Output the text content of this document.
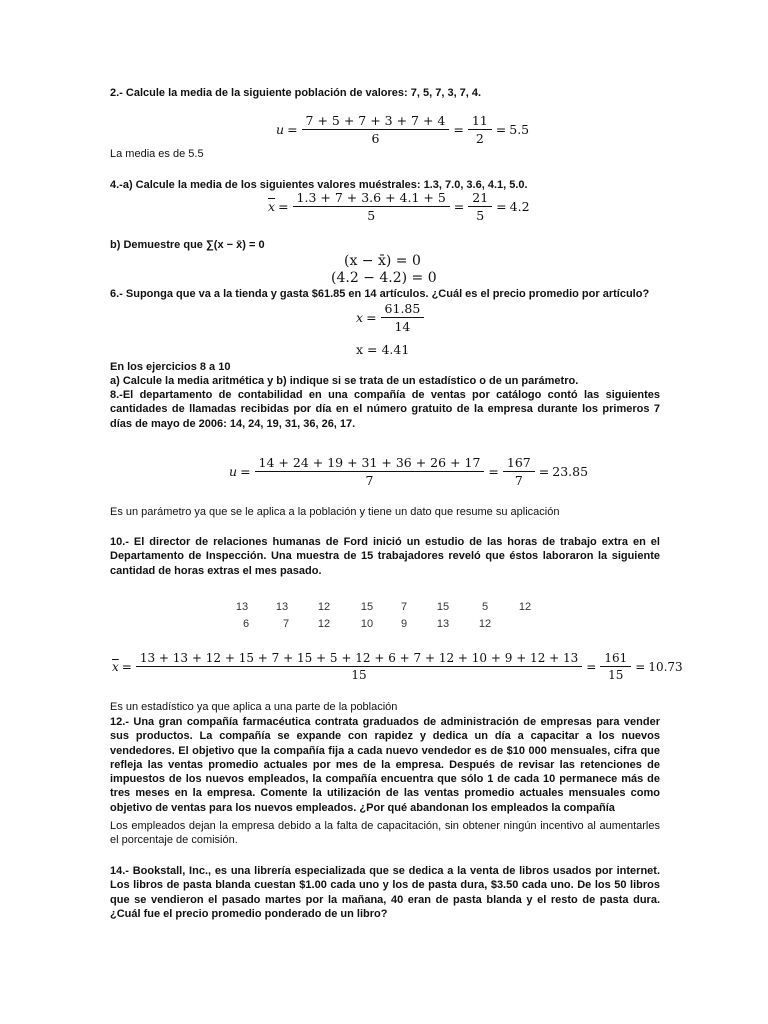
2.- Calcule la media de la siguiente población de valores: 7, 5, 7, 3, 7, 4.

$u = \frac{7 + 5 + 7 + 3 + 7 + 4}{6} = \frac{11}{2} = 5.5$

La media es de 5.5

4.-a) Calcule la media de los siguientes valores muéstrales: 1.3, 7.0, 3.6, 4.1, 5.0.

$\overline{x} = \frac{1.3 + 7 + 3.6 + 4.1 + 5}{5} = \frac{21}{5} = 4.2$

b) Demuestre que ∑(x − x̄) = 0

(x − x̄) = 0
(4.2 − 4.2) = 0

6.- Suponga que va a la tienda y gasta $61.85 en 14 artículos. ¿Cuál es el precio promedio por artículo?

$x = \frac{61.85}{14}$
x = 4.41

En los ejercicios 8 a 10

a) Calcule la media aritmética y b) indique si se trata de un estadístico o de un parámetro.

8.-El departamento de contabilidad en una compañía de ventas por catálogo contó las siguientes cantidades de llamadas recibidas por día en el número gratuito de la empresa durante los primeros 7 días de mayo de 2006: 14, 24, 19, 31, 36, 26, 17.

$u = \frac{14 + 24 + 19 + 31 + 36 + 26 + 17}{7} = \frac{167}{7} = 23.85$

Es un parámetro ya que se le aplica a la población y tiene un dato que resume su aplicación

10.- El director de relaciones humanas de Ford inició un estudio de las horas de trabajo extra en el Departamento de Inspección. Una muestra de 15 trabajadores reveló que éstos laboraron la siguiente cantidad de horas extras el mes pasado.

13	13	12	15	7	15	5	12
6	7	12	10	9	13	12
$\overline{x}$ =
13 + 13 + 12 + 15 + 7 + 15 + 5 + 12 + 6 + 7 + 12 + 10 + 9 + 12 + 13
15
= $\frac{161}{15} = 10.73$

Es un estadístico ya que aplica a una parte de la población

12.- Una gran compañía farmacéutica contrata graduados de administración de empresas para vender sus productos. La compañía se expande con rapidez y dedica un día a capacitar a los nuevos vendedores. El objetivo que la compañía fija a cada nuevo vendedor es de $10 000 mensuales, cifra que refleja las ventas promedio actuales por mes de la empresa. Después de revisar las retenciones de impuestos de los nuevos empleados, la compañía encuentra que sólo 1 de cada 10 permanece más de tres meses en la empresa. Comente la utilización de las ventas promedio actuales mensuales como objetivo de ventas para los nuevos empleados. ¿Por qué abandonan los empleados la compañía

Los empleados dejan la empresa debido a la falta de capacitación, sin obtener ningún incentivo al aumentarles el porcentaje de comisión.

14.- Bookstall, Inc., es una librería especializada que se dedica a la venta de libros usados por internet. Los libros de pasta blanda cuestan $1.00 cada uno y los de pasta dura, $3.50 cada uno. De los 50 libros que se vendieron el pasado martes por la mañana, 40 eran de pasta blanda y el resto de pasta dura. ¿Cuál fue el precio promedio ponderado de un libro?
